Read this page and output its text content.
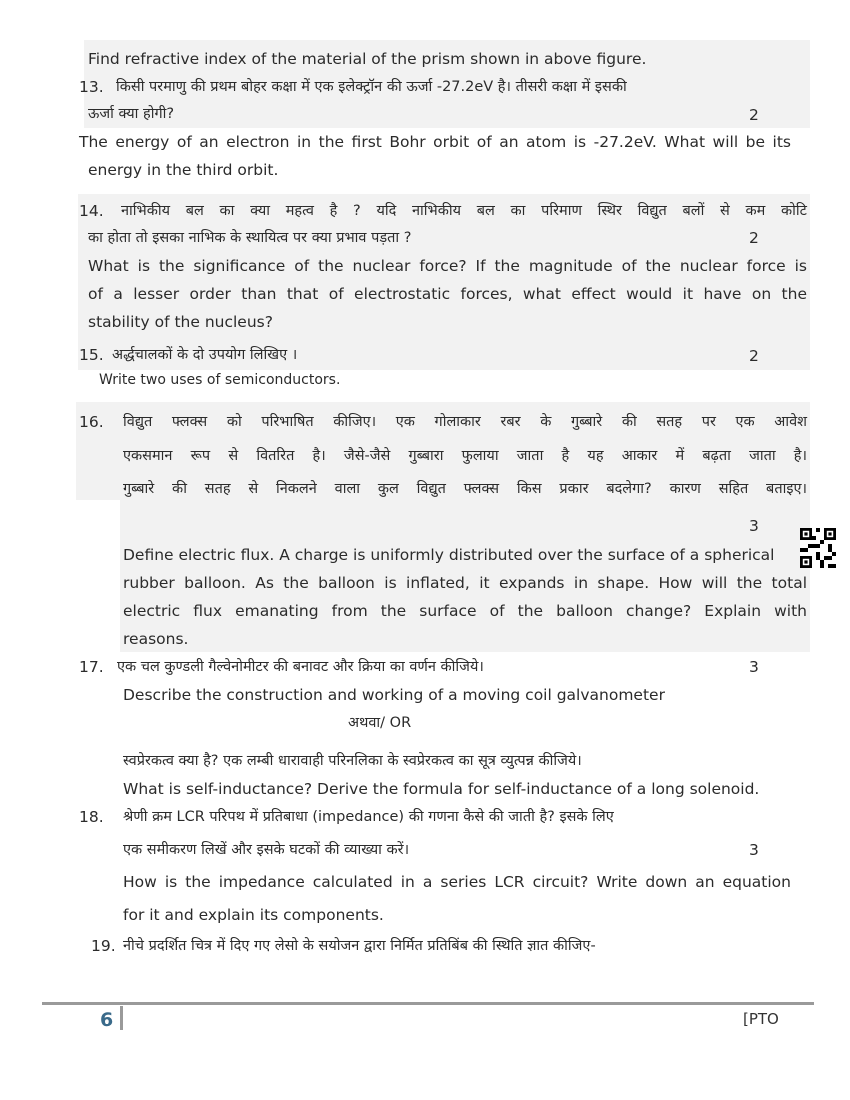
Find refractive index of the material of the prism shown in above figure.
13. किसी परमाणु की प्रथम बोहर कक्षा में एक इलेक्ट्रॉन की ऊर्जा -27.2eV है। तीसरी कक्षा में इसकी
ऊर्जा क्या होगी?	2
The energy of an electron in the first Bohr orbit of an atom is -27.2eV. What will be its
energy in the third orbit.
14. नाभिकीय बल का क्या महत्व है ? यदि नाभिकीय बल का परिमाण स्थिर विद्युत बलों से कम कोटि
का होता तो इसका नाभिक के स्थायित्व पर क्या प्रभाव पड़ता ?	2
What is the significance of the nuclear force? If the magnitude of the nuclear force is
of a lesser order than that of electrostatic forces, what effect would it have on the
stability of the nucleus?
15. अर्द्धचालकों के दो उपयोग लिखिए ।	2
Write two uses of semiconductors.
16. विद्युत फ्लक्स को परिभाषित कीजिए। एक गोलाकार रबर के गुब्बारे की सतह पर एक आवेश
एकसमान रूप से वितरित है। जैसे-जैसे गुब्बारा फुलाया जाता है यह आकार में बढ़ता जाता है।
गुब्बारे की सतह से निकलने वाला कुल विद्युत फ्लक्स किस प्रकार बदलेगा? कारण सहित बताइए।
3
Define electric flux. A charge is uniformly distributed over the surface of a spherical
rubber balloon. As the balloon is inflated, it expands in shape. How will the total
electric flux emanating from the surface of the balloon change? Explain with
reasons.
17. एक चल कुण्डली गैल्वेनोमीटर की बनावट और क्रिया का वर्णन कीजिये।	3
Describe the construction and working of a moving coil galvanometer
अथवा/ OR
स्वप्रेरकत्व क्या है? एक लम्बी धारावाही परिनलिका के स्वप्रेरकत्व का सूत्र व्युत्पन्न कीजिये।
What is self-inductance? Derive the formula for self-inductance of a long solenoid.
18. श्रेणी क्रम LCR परिपथ में प्रतिबाधा (impedance) की गणना कैसे की जाती है? इसके लिए
एक समीकरण लिखें और इसके घटकों की व्याख्या करें।	3
How is the impedance calculated in a series LCR circuit? Write down an equation
for it and explain its components.
19. नीचे प्रदर्शित चित्र में दिए गए लेसो के सयोजन द्वारा निर्मित प्रतिबिंब की स्थिति ज्ञात कीजिए-
6	[PTO
